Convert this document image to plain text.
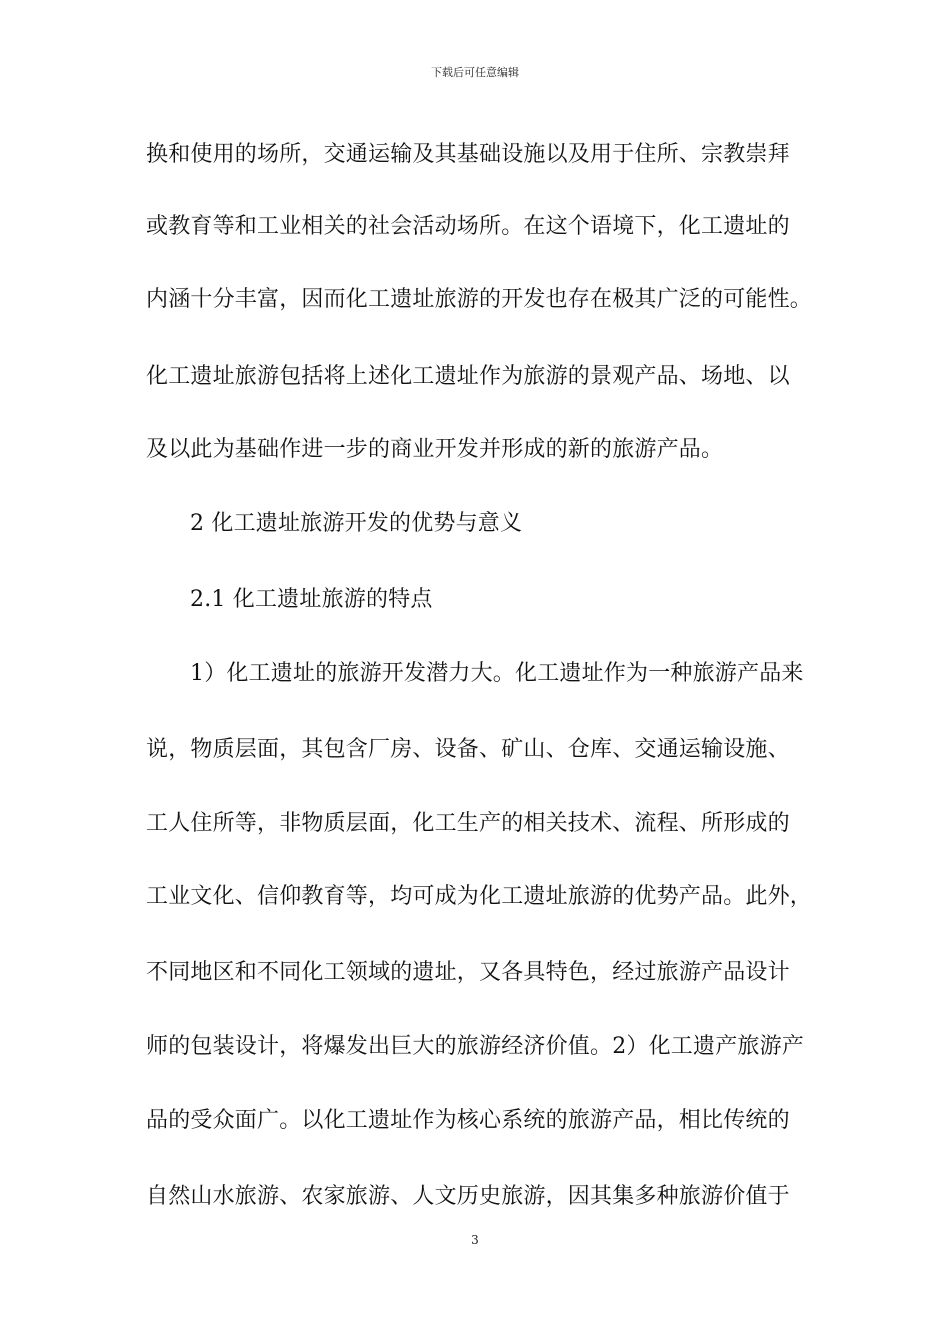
下载后可任意编辑
换和使用的场所，交通运输及其基础设施以及用于住所、宗教崇拜
或教育等和工业相关的社会活动场所。在这个语境下，化工遗址的
内涵十分丰富，因而化工遗址旅游的开发也存在极其广泛的可能性。
化工遗址旅游包括将上述化工遗址作为旅游的景观产品、场地、以
及以此为基础作进一步的商业开发并形成的新的旅游产品。
2 化工遗址旅游开发的优势与意义
2.1 化工遗址旅游的特点
1）化工遗址的旅游开发潜力大。化工遗址作为一种旅游产品来
说，物质层面，其包含厂房、设备、矿山、仓库、交通运输设施、
工人住所等，非物质层面，化工生产的相关技术、流程、所形成的
工业文化、信仰教育等，均可成为化工遗址旅游的优势产品。此外，
不同地区和不同化工领域的遗址，又各具特色，经过旅游产品设计
师的包装设计，将爆发出巨大的旅游经济价值。2）化工遗产旅游产
品的受众面广。以化工遗址作为核心系统的旅游产品，相比传统的
自然山水旅游、农家旅游、人文历史旅游，因其集多种旅游价值于
3
